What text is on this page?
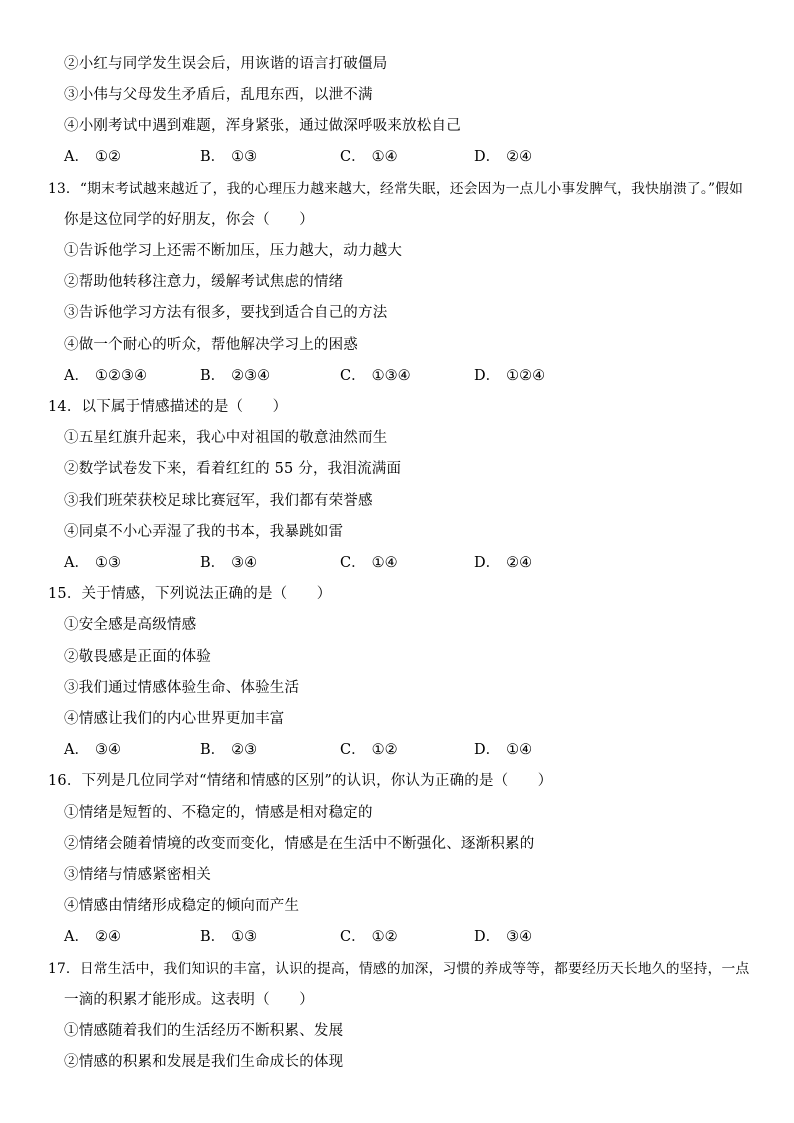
②小红与同学发生误会后，用诙谐的语言打破僵局
③小伟与父母发生矛盾后，乱甩东西，以泄不满
④小刚考试中遇到难题，浑身紧张，通过做深呼吸来放松自己
A． ①②	B． ①③	C． ①④	D． ②④
13．“期末考试越来越近了，我的心理压力越来越大，经常失眠，还会因为一点儿小事发脾气，我快崩溃了。”假如
你是这位同学的好朋友，你会（　　）
①告诉他学习上还需不断加压，压力越大，动力越大
②帮助他转移注意力，缓解考试焦虑的情绪
③告诉他学习方法有很多，要找到适合自己的方法
④做一个耐心的听众，帮他解决学习上的困惑
A． ①②③④	B． ②③④	C． ①③④	D． ①②④
14．以下属于情感描述的是（　　）
①五星红旗升起来，我心中对祖国的敬意油然而生
②数学试卷发下来，看着红红的 55 分，我泪流满面
③我们班荣获校足球比赛冠军，我们都有荣誉感
④同桌不小心弄湿了我的书本，我暴跳如雷
A． ①③	B． ③④	C． ①④	D． ②④
15．关于情感，下列说法正确的是（　　）
①安全感是高级情感
②敬畏感是正面的体验
③我们通过情感体验生命、体验生活
④情感让我们的内心世界更加丰富
A． ③④	B． ②③	C． ①②	D． ①④
16．下列是几位同学对“情绪和情感的区别”的认识，你认为正确的是（　　）
①情绪是短暂的、不稳定的，情感是相对稳定的
②情绪会随着情境的改变而变化，情感是在生活中不断强化、逐渐积累的
③情绪与情感紧密相关
④情感由情绪形成稳定的倾向而产生
A． ②④	B． ①③	C． ①②	D． ③④
17．日常生活中，我们知识的丰富，认识的提高，情感的加深，习惯的养成等等，都要经历天长地久的坚持，一点
一滴的积累才能形成。这表明（　　）
①情感随着我们的生活经历不断积累、发展
②情感的积累和发展是我们生命成长的体现
